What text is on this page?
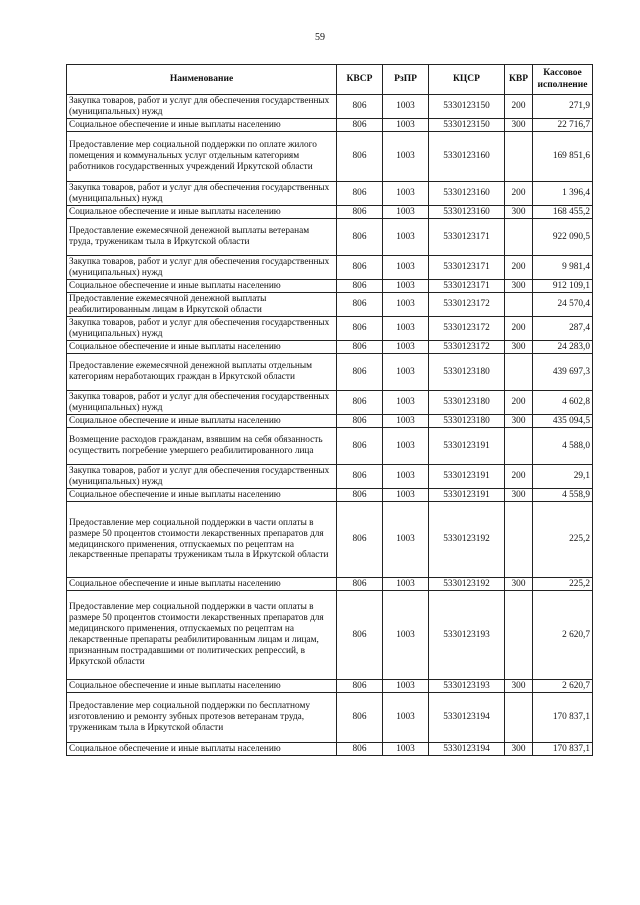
59
Наименование	КВСР	РзПР	КЦСР	КВР	Кассовое исполнение
Закупка товаров, работ и услуг для обеспечения государственных (муниципальных) нужд	806	1003	5330123150	200	271,9
Социальное обеспечение и иные выплаты населению	806	1003	5330123150	300	22 716,7
Предоставление мер социальной поддержки по оплате жилого помещения и коммунальных услуг отдельным категориям работников государственных учреждений Иркутской области	806	1003	5330123160		169 851,6
Закупка товаров, работ и услуг для обеспечения государственных (муниципальных) нужд	806	1003	5330123160	200	1 396,4
Социальное обеспечение и иные выплаты населению	806	1003	5330123160	300	168 455,2
Предоставление ежемесячной денежной выплаты ветеранам труда, труженикам тыла в Иркутской области	806	1003	5330123171		922 090,5
Закупка товаров, работ и услуг для обеспечения государственных (муниципальных) нужд	806	1003	5330123171	200	9 981,4
Социальное обеспечение и иные выплаты населению	806	1003	5330123171	300	912 109,1
Предоставление ежемесячной денежной выплаты реабилитированным лицам в Иркутской области	806	1003	5330123172		24 570,4
Закупка товаров, работ и услуг для обеспечения государственных (муниципальных) нужд	806	1003	5330123172	200	287,4
Социальное обеспечение и иные выплаты населению	806	1003	5330123172	300	24 283,0
Предоставление ежемесячной денежной выплаты отдельным категориям неработающих граждан в Иркутской области	806	1003	5330123180		439 697,3
Закупка товаров, работ и услуг для обеспечения государственных (муниципальных) нужд	806	1003	5330123180	200	4 602,8
Социальное обеспечение и иные выплаты населению	806	1003	5330123180	300	435 094,5
Возмещение расходов гражданам, взявшим на себя обязанность осуществить погребение умершего реабилитированного лица	806	1003	5330123191		4 588,0
Закупка товаров, работ и услуг для обеспечения государственных (муниципальных) нужд	806	1003	5330123191	200	29,1
Социальное обеспечение и иные выплаты населению	806	1003	5330123191	300	4 558,9
Предоставление мер социальной поддержки в части оплаты в размере 50 процентов стоимости лекарственных препаратов для медицинского применения, отпускаемых по рецептам на лекарственные препараты труженикам тыла в Иркутской области	806	1003	5330123192		225,2
Социальное обеспечение и иные выплаты населению	806	1003	5330123192	300	225,2
Предоставление мер социальной поддержки в части оплаты в размере 50 процентов стоимости лекарственных препаратов для медицинского применения, отпускаемых по рецептам на лекарственные препараты реабилитированным лицам и лицам, признанным пострадавшими от политических репрессий, в Иркутской области	806	1003	5330123193		2 620,7
Социальное обеспечение и иные выплаты населению	806	1003	5330123193	300	2 620,7
Предоставление мер социальной поддержки по бесплатному изготовлению и ремонту зубных протезов ветеранам труда, труженикам тыла в Иркутской области	806	1003	5330123194		170 837,1
Социальное обеспечение и иные выплаты населению	806	1003	5330123194	300	170 837,1
